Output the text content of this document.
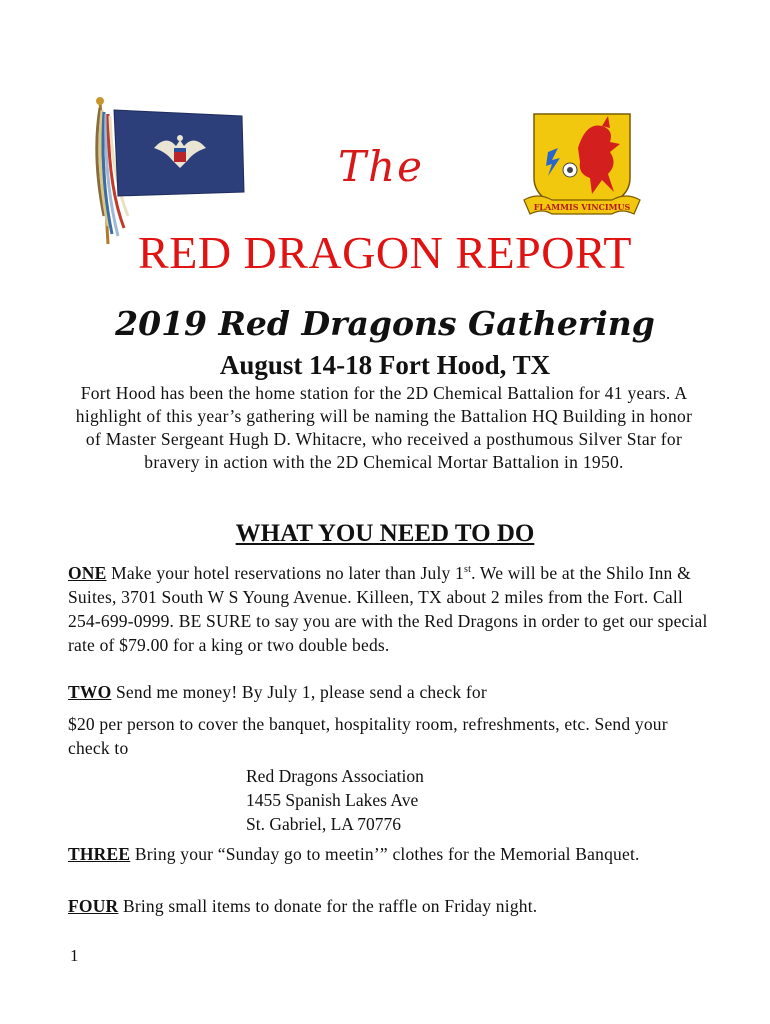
.
FLAMMIS VINCIMUS
The
RED DRAGON REPORT
2019 Red Dragons Gathering
August 14-18 Fort Hood, TX
Fort Hood has been the home station for the 2D Chemical Battalion for 41 years. A highlight of this year’s gathering will be naming the Battalion HQ Building in honor of Master Sergeant Hugh D. Whitacre, who received a posthumous Silver Star for bravery in action with the 2D Chemical Mortar Battalion in 1950.
WHAT YOU NEED TO DO
ONE Make your hotel reservations no later than July 1st. We will be at the Shilo Inn & Suites, 3701 South W S Young Avenue. Killeen, TX about 2 miles from the Fort. Call 254-699-0999. BE SURE to say you are with the Red Dragons in order to get our special rate of $79.00 for a king or two double beds.
TWO Send me money! By July 1, please send a check for
$20 per person to cover the banquet, hospitality room, refreshments, etc. Send your check to
Red Dragons Association
1455 Spanish Lakes Ave
St. Gabriel, LA 70776
THREE Bring your “Sunday go to meetin’” clothes for the Memorial Banquet.
FOUR Bring small items to donate for the raffle on Friday night.
1
